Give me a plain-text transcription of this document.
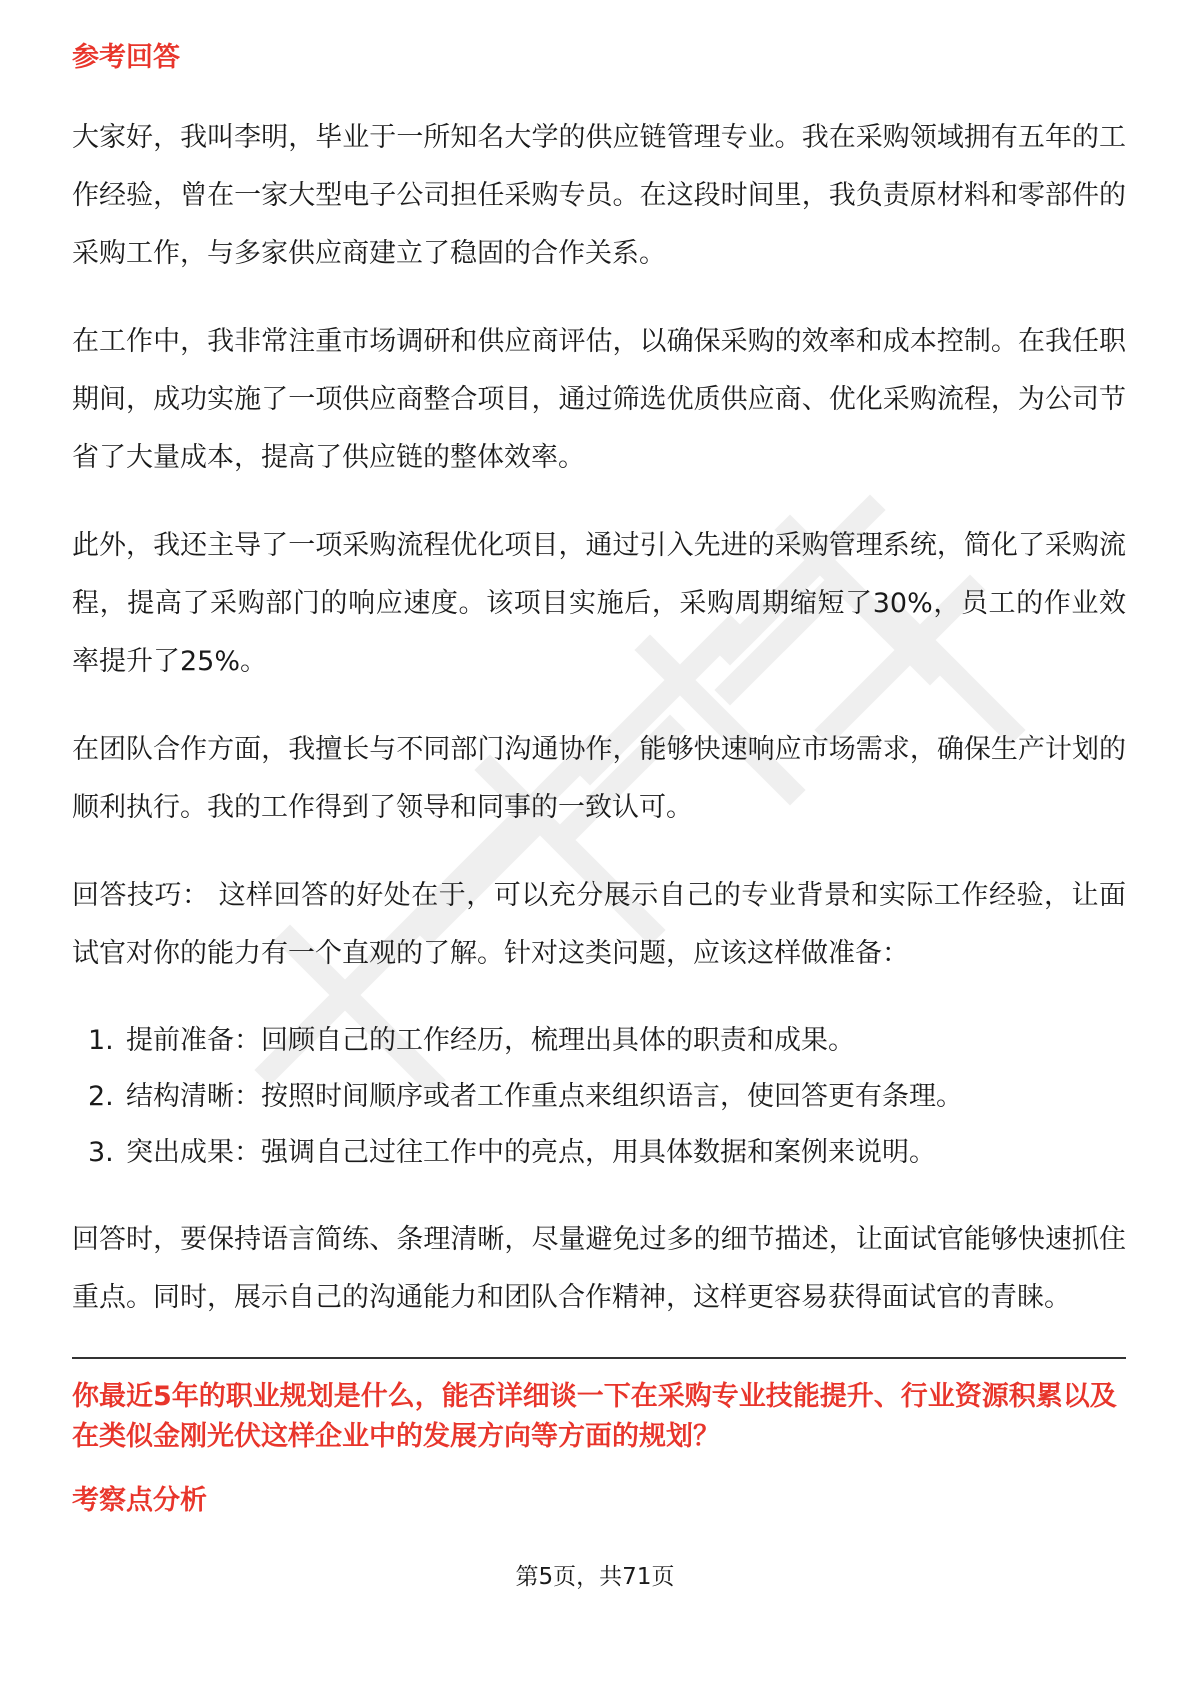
参考回答

大家好，我叫李明，毕业于一所知名大学的供应链管理专业。我在采购领域拥有五年的工作经验，曾在一家大型电子公司担任采购专员。在这段时间里，我负责原材料和零部件的采购工作，与多家供应商建立了稳固的合作关系。

在工作中，我非常注重市场调研和供应商评估，以确保采购的效率和成本控制。在我任职期间，成功实施了一项供应商整合项目，通过筛选优质供应商、优化采购流程，为公司节省了大量成本，提高了供应链的整体效率。

此外，我还主导了一项采购流程优化项目，通过引入先进的采购管理系统，简化了采购流程，提高了采购部门的响应速度。该项目实施后，采购周期缩短了30%，员工的作业效率提升了25%。

在团队合作方面，我擅长与不同部门沟通协作，能够快速响应市场需求，确保生产计划的顺利执行。我的工作得到了领导和同事的一致认可。

回答技巧： 这样回答的好处在于，可以充分展示自己的专业背景和实际工作经验，让面试官对你的能力有一个直观的了解。针对这类问题，应该这样做准备：

1. 提前准备：回顾自己的工作经历，梳理出具体的职责和成果。
2. 结构清晰：按照时间顺序或者工作重点来组织语言，使回答更有条理。
3. 突出成果：强调自己过往工作中的亮点，用具体数据和案例来说明。

回答时，要保持语言简练、条理清晰，尽量避免过多的细节描述，让面试官能够快速抓住重点。同时，展示自己的沟通能力和团队合作精神，这样更容易获得面试官的青睐。

你最近5年的职业规划是什么，能否详细谈一下在采购专业技能提升、行业资源积累以及在类似金刚光伏这样企业中的发展方向等方面的规划？
考察点分析
第5页，共71页
